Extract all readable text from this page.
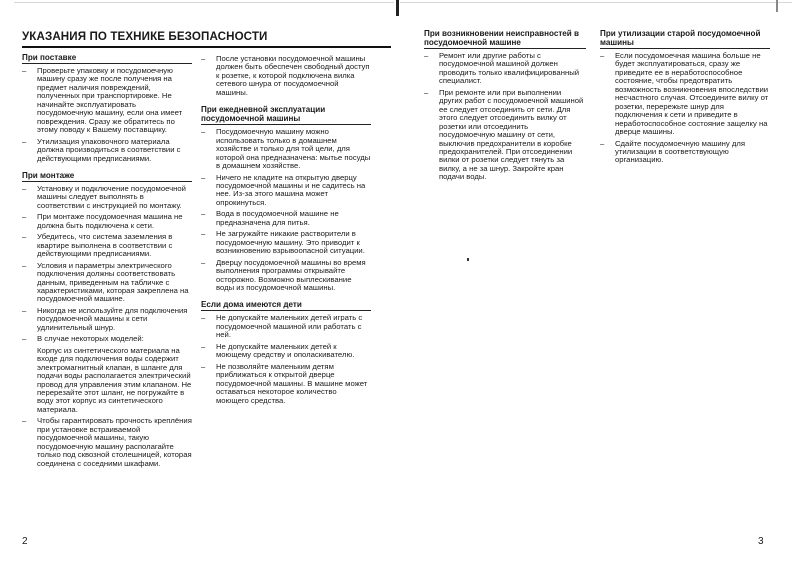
УКАЗАНИЯ ПО ТЕХНИКЕ БЕЗОПАСНОСТИ

При поставке

– Проверьте упаковку и посудомоечную машину сразу же после получения на предмет наличия повреждений, полученных при транспортировке. Не начинайте эксплуатировать посудомоечную машину, если она имеет повреждения. Сразу же обратитесь по этому поводу к Вашему поставщику.
– Утилизация упаковочного материала должна производиться в соответствии с действующими предписаниями.

При монтаже

– Установку и подключение посудомоечной машины следует выполнять в соответствии с инструкцией по монтажу.
– При монтаже посудомоечная машина не должна быть подключена к сети.
– Убедитесь, что система заземления в квартире выполнена в соответствии с действующими предписаниями.
– Условия и параметры электрического подключения должны соответствовать данным, приведенным на табличке с характеристиками, которая закреплена на посудомоечной машине.
– Никогда не используйте для подключения посудомоечной машины к сети удлинительный шнур.
– В случае некоторых моделей:
Корпус из синтетического материала на входе для подключения воды содержит электромагнитный клапан, в шланге для подачи воды располагается электрический провод для управления этим клапаном. Не перерезайте этот шланг, не погружайте в воду этот корпус из синтетического материала.
– Чтобы гарантировать прочность креплёния при установке встраиваемой посудомоечной машины, такую посудомоечную машину располагайте только под сквозной столешницей, которая соединена с соседними шкафами.
– После установки посудомоечной машины должен быть обеспечен свободный доступ к розетке, к которой подключена вилка сетевого шнура от посудомоечной машины.

При ежедневной эксплуатации посудомоечной машины

– Посудомоечную машину можно использовать только в домашнем хозяйстве и только для той цели, для которой она предназначена: мытье посуды в домашнем хозяйстве.
– Ничего не кладите на открытую дверцу посудомоечной машины и не садитесь на нее. Из-за этого машина может опрокинуться.
– Вода в посудомоечной машине не предназначена для питья.
– Не загружайте никакие растворители в посудомоечную машину. Это приводит к возникновению взрывоопасной ситуации.
– Дверцу посудомоечной машины во время выполнения программы открывайте осторожно. Возможно выплескивание воды из посудомоечной машины.

Если дома имеются дети

– Не допускайте маленьких детей играть с посудомоечной машиной или работать с ней.
– Не допускайте маленьких детей к моющему средству и ополаскивателю.
– Не позволяйте маленьким детям приближаться к открытой дверце посудомоечной машины. В машине может оставаться некоторое количество моющего средства.

При возникновении неисправностей в посудомоечной машине

– Ремонт или другие работы с посудомоечной машиной должен проводить только квалифицированный специалист.
– При ремонте или при выполнении других работ с посудомоечной машиной ее следует отсоединить от сети. Для этого следует отсоединить вилку от розетки или отсоединить посудомоечную машину от сети, выключив предохранители в коробке предохранителей. При отсоединении вилки от розетки следует тянуть за вилку, а не за шнур. Закройте кран подачи воды.

При утилизации старой посудомоечной машины

– Если посудомоечная машина больше не будет эксплуатироваться, сразу же приведите ее в неработоспособное состояние, чтобы предотвратить возможность возникновения впоследствии несчастного случая. Отсоедините вилку от розетки, перережьте шнур для подключения к сети и приведите в неработоспособное состояние защелку на дверце машины.
– Сдайте посудомоечную машину для утилизации в соответствующую организацию.
2	3
